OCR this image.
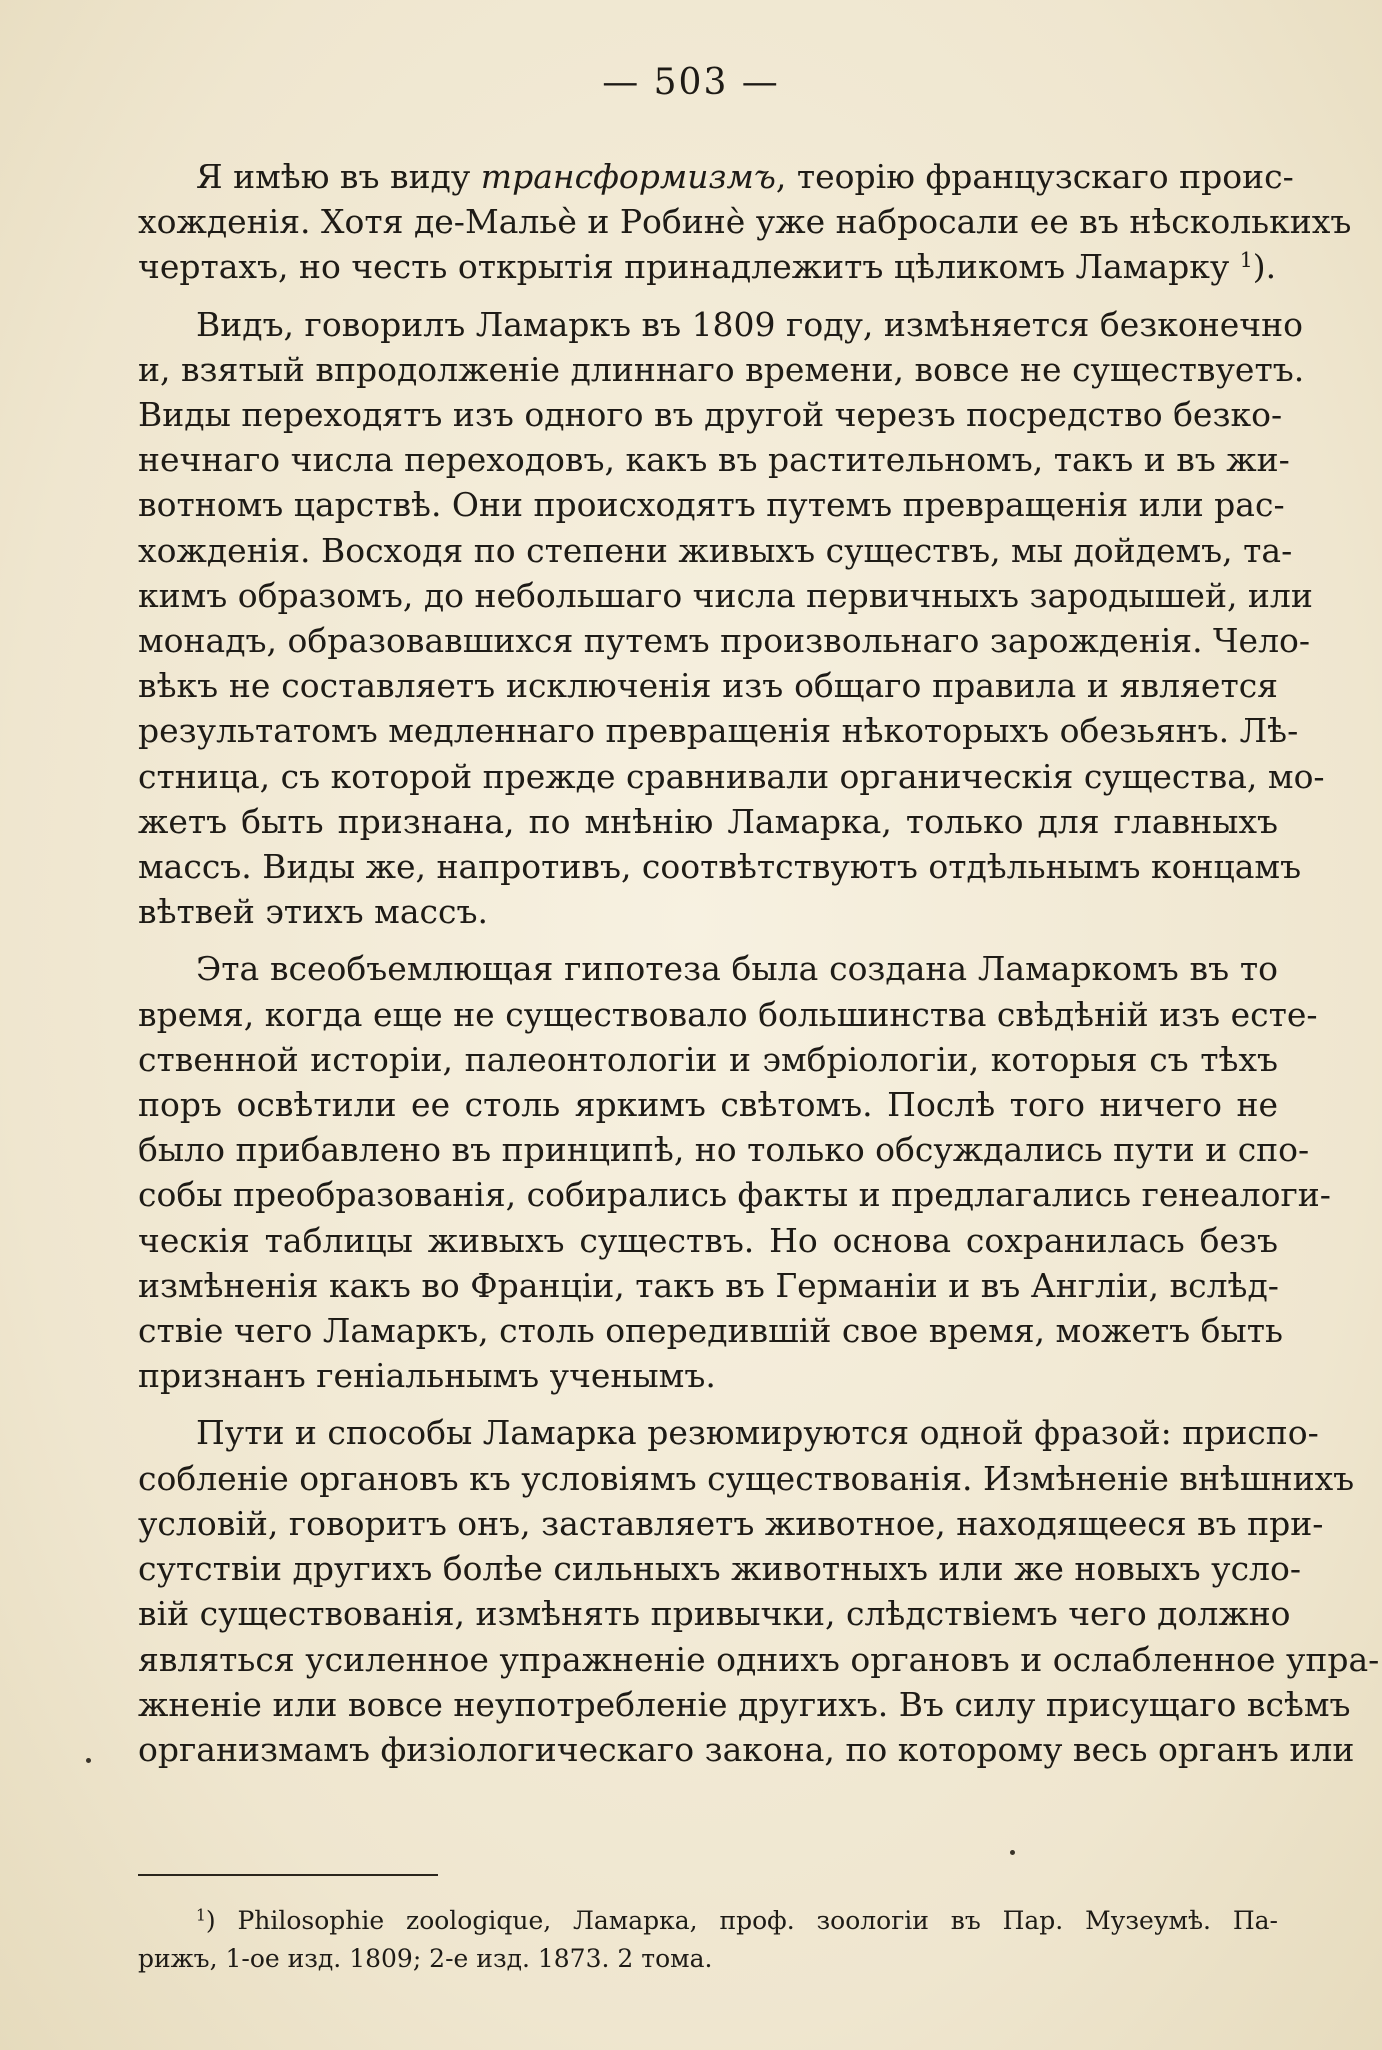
— 503 —

Я имѣю въ виду трансформизмъ, теорію французскаго проис-
хожденія. Хотя де-Мальѐ и Робинѐ уже набросали ее въ нѣсколькихъ
чертахъ, но честь открытія принадлежитъ цѣликомъ Ламарку $^1$).

Видъ, говорилъ Ламаркъ въ 1809 году, измѣняется безконечно
и, взятый впродолженіе длиннаго времени, вовсе не существуетъ.
Виды переходятъ изъ одного въ другой черезъ посредство безко-
нечнаго числа переходовъ, какъ въ растительномъ, такъ и въ жи-
вотномъ царствѣ. Они происходятъ путемъ превращенія или рас-
хожденія. Восходя по степени живыхъ существъ, мы дойдемъ, та-
кимъ образомъ, до небольшаго числа первичныхъ зародышей, или
монадъ, образовавшихся путемъ произвольнаго зарожденія. Чело-
вѣкъ не составляетъ исключенія изъ общаго правила и является
результатомъ медленнаго превращенія нѣкоторыхъ обезьянъ. Лѣ-
стница, съ которой прежде сравнивали органическія существа, мо-
жетъ быть признана, по мнѣнію Ламарка, только для главныхъ
массъ. Виды же, напротивъ, соотвѣтствуютъ отдѣльнымъ концамъ
вѣтвей этихъ массъ.

Эта всеобъемлющая гипотеза была создана Ламаркомъ въ то
время, когда еще не существовало большинства свѣдѣній изъ есте-
ственной исторіи, палеонтологіи и эмбріологіи, которыя съ тѣхъ
поръ освѣтили ее столь яркимъ свѣтомъ. Послѣ того ничего не
было прибавлено въ принципѣ, но только обсуждались пути и спо-
собы преобразованія, собирались факты и предлагались генеалоги-
ческія таблицы живыхъ существъ. Но основа сохранилась безъ
измѣненія какъ во Франціи, такъ въ Германіи и въ Англіи, вслѣд-
ствіе чего Ламаркъ, столь опередившій свое время, можетъ быть
признанъ геніальнымъ ученымъ.

Пути и способы Ламарка резюмируются одной фразой: приспо-
собленіе органовъ къ условіямъ существованія. Измѣненіе внѣшнихъ
условій, говоритъ онъ, заставляетъ животное, находящееся въ при-
сутствіи другихъ болѣе сильныхъ животныхъ или же новыхъ усло-
вій существованія, измѣнять привычки, слѣдствіемъ чего должно
являться усиленное упражненіе однихъ органовъ и ослабленное упра-
жненіе или вовсе неупотребленіе другихъ. Въ силу присущаго всѣмъ
организмамъ физіологическаго закона, по которому весь органъ или

$^1$) Philosophie zoologique, Ламарка, проф. зоологіи въ Пар. Музеумѣ. Па-
рижъ, 1-ое изд. 1809; 2-е изд. 1873. 2 тома.
